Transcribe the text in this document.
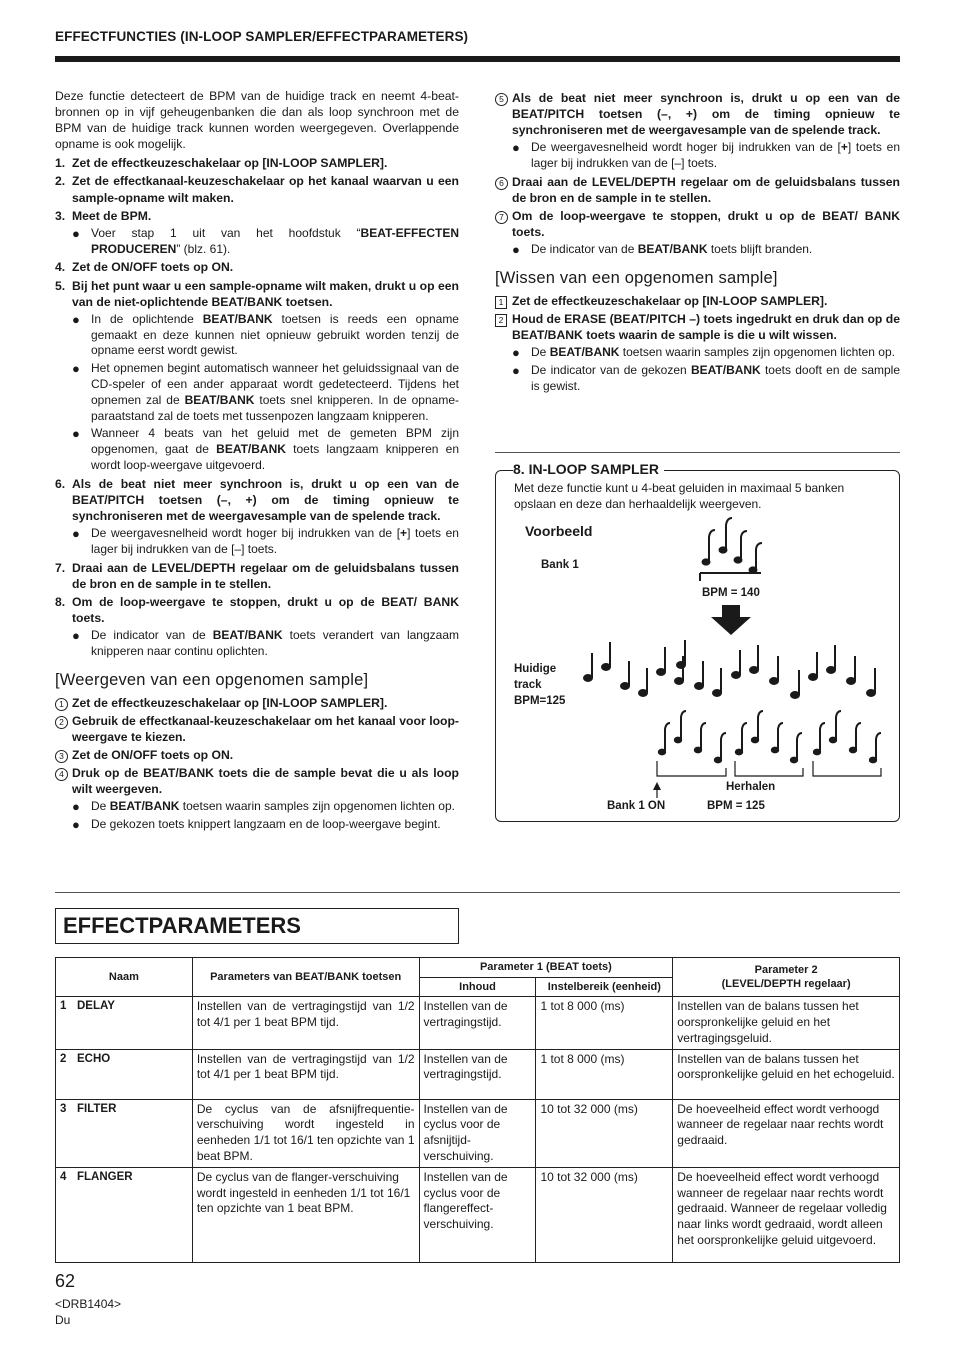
EFFECTFUNCTIES (IN-LOOP SAMPLER/EFFECTPARAMETERS)

Deze functie detecteert de BPM van de huidige track en neemt 4-beat-bronnen op in vijf geheugenbanken die dan als loop synchroon met de BPM van de huidige track kunnen worden weergegeven. Overlappende opname is ook mogelijk.

1. Zet de effectkeuzeschakelaar op [IN-LOOP SAMPLER].
2. Zet de effectkanaal-keuzeschakelaar op het kanaal waarvan u een sample-opname wilt maken.
3. Meet de BPM.
● Voer stap 1 uit van het hoofdstuk “BEAT-EFFECTEN PRODUCEREN” (blz. 61).
4. Zet de ON/OFF toets op ON.
5. Bij het punt waar u een sample-opname wilt maken, drukt u op een van de niet-oplichtende BEAT/BANK toetsen.
● In de oplichtende BEAT/BANK toetsen is reeds een opname gemaakt en deze kunnen niet opnieuw gebruikt worden tenzij de opname eerst wordt gewist.
● Het opnemen begint automatisch wanneer het geluidssignaal van de CD-speler of een ander apparaat wordt gedetecteerd. Tijdens het opnemen zal de BEAT/BANK toets snel knipperen. In de opname-paraatstand zal de toets met tussenpozen langzaam knipperen.
● Wanneer 4 beats van het geluid met de gemeten BPM zijn opgenomen, gaat de BEAT/BANK toets langzaam knipperen en wordt loop-weergave uitgevoerd.
6. Als de beat niet meer synchroon is, drukt u op een van de BEAT/PITCH toetsen (–, +) om de timing opnieuw te synchroniseren met de weergavesample van de spelende track.
● De weergavesnelheid wordt hoger bij indrukken van de [+] toets en lager bij indrukken van de [–] toets.
7. Draai aan de LEVEL/DEPTH regelaar om de geluidsbalans tussen de bron en de sample in te stellen.
8. Om de loop-weergave te stoppen, drukt u op de BEAT/ BANK toets.
● De indicator van de BEAT/BANK toets verandert van langzaam knipperen naar continu oplichten.
[Weergeven van een opgenomen sample]
1 Zet de effectkeuzeschakelaar op [IN-LOOP SAMPLER].
2 Gebruik de effectkanaal-keuzeschakelaar om het kanaal voor loop-weergave te kiezen.
3 Zet de ON/OFF toets op ON.
4 Druk op de BEAT/BANK toets die de sample bevat die u als loop wilt weergeven.
● De BEAT/BANK toetsen waarin samples zijn opgenomen lichten op.
● De gekozen toets knippert langzaam en de loop-weergave begint.
5 Als de beat niet meer synchroon is, drukt u op een van de BEAT/PITCH toetsen (–, +) om de timing opnieuw te synchroniseren met de weergavesample van de spelende track.
● De weergavesnelheid wordt hoger bij indrukken van de [+] toets en lager bij indrukken van de [–] toets.
6 Draai aan de LEVEL/DEPTH regelaar om de geluidsbalans tussen de bron en de sample in te stellen.
7 Om de loop-weergave te stoppen, drukt u op de BEAT/ BANK toets.
● De indicator van de BEAT/BANK toets blijft branden.
[Wissen van een opgenomen sample]
1 Zet de effectkeuzeschakelaar op [IN-LOOP SAMPLER].
2 Houd de ERASE (BEAT/PITCH –) toets ingedrukt en druk dan op de BEAT/BANK toets waarin de sample is die u wilt wissen.
● De BEAT/BANK toetsen waarin samples zijn opgenomen lichten op.
● De indicator van de gekozen BEAT/BANK toets dooft en de sample is gewist.
8. IN-LOOP SAMPLER
Met deze functie kunt u 4-beat geluiden in maximaal 5 banken opslaan en deze dan herhaaldelijk weergeven.
Voorbeeld
Bank 1
BPM = 140
Huidige
track
BPM=125
Herhalen
Bank 1 ON	BPM = 125
EFFECTPARAMETERS
Naam	Parameters van BEAT/BANK toetsen	Parameter 1 (BEAT toets)		Parameter 2
(LEVEL/DEPTH regelaar)
		Inhoud	Instelbereik (eenheid)	
1 DELAY	Instellen van de vertragingstijd van 1/2 tot 4/1 per 1 beat BPM tijd.	Instellen van de vertragingstijd.	1 tot 8 000 (ms)	Instellen van de balans tussen het oorspronkelijke geluid en het vertragingsgeluid.
2 ECHO	Instellen van de vertragingstijd van 1/2 tot 4/1 per 1 beat BPM tijd.	Instellen van de vertragingstijd.	1 tot 8 000 (ms)	Instellen van de balans tussen het oorspronkelijke geluid en het echogeluid.
3 FILTER	De cyclus van de afsnijfrequentie-verschuiving wordt ingesteld in eenheden 1/1 tot 16/1 ten opzichte van 1 beat BPM.	Instellen van de cyclus voor de afsnijtijd-verschuiving.	10 tot 32 000 (ms)	De hoeveelheid effect wordt verhoogd wanneer de regelaar naar rechts wordt gedraaid.
4 FLANGER	De cyclus van de flanger-verschuiving wordt ingesteld in eenheden 1/1 tot 16/1 ten opzichte van 1 beat BPM.	Instellen van de cyclus voor de flangereffect-verschuiving.	10 tot 32 000 (ms)	De hoeveelheid effect wordt verhoogd wanneer de regelaar naar rechts wordt gedraaid. Wanneer de regelaar volledig naar links wordt gedraaid, wordt alleen het oorspronkelijke geluid uitgevoerd.
62
<DRB1404>
Du
